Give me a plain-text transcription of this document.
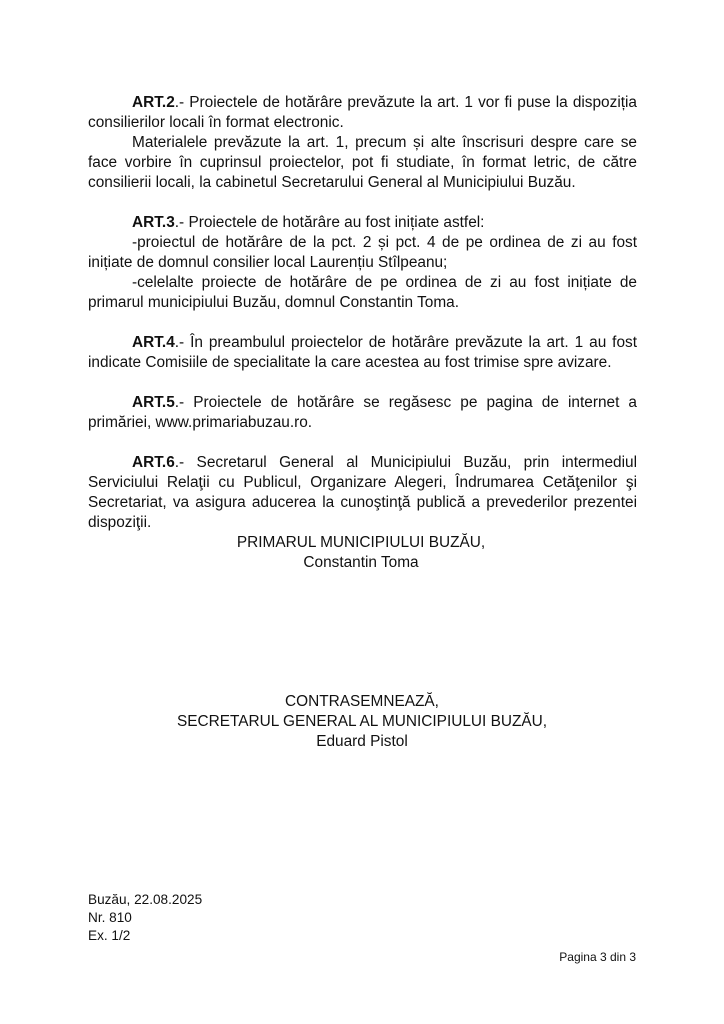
ART.2.- Proiectele de hotărâre prevăzute la art. 1 vor fi puse la dispoziția consilierilor locali în format electronic.

Materialele prevăzute la art. 1, precum și alte înscrisuri despre care se face vorbire în cuprinsul proiectelor, pot fi studiate, în format letric, de către consilierii locali, la cabinetul Secretarului General al Municipiului Buzău.

ART.3.- Proiectele de hotărâre au fost inițiate astfel:

-proiectul de hotărâre de la pct. 2 și pct. 4 de pe ordinea de zi au fost inițiate de domnul consilier local Laurențiu Stîlpeanu;

-celelalte proiecte de hotărâre de pe ordinea de zi au fost inițiate de primarul municipiului Buzău, domnul Constantin Toma.

ART.4.- În preambulul proiectelor de hotărâre prevăzute la art. 1 au fost indicate Comisiile de specialitate la care acestea au fost trimise spre avizare.

ART.5.- Proiectele de hotărâre se regăsesc pe pagina de internet a primăriei, www.primariabuzau.ro.

ART.6.- Secretarul General al Municipiului Buzău, prin intermediul Serviciului Relaţii cu Publicul, Organizare Alegeri, Îndrumarea Cetăţenilor şi Secretariat, va asigura aducerea la cunoştinţă publică a prevederilor prezentei dispoziţii.

PRIMARUL MUNICIPIULUI BUZĂU,
Constantin Toma
CONTRASEMNEAZĂ,
SECRETARUL GENERAL AL MUNICIPIULUI BUZĂU,
Eduard Pistol
Buzău, 22.08.2025
Nr. 810
Ex. 1/2
Pagina 3 din 3
